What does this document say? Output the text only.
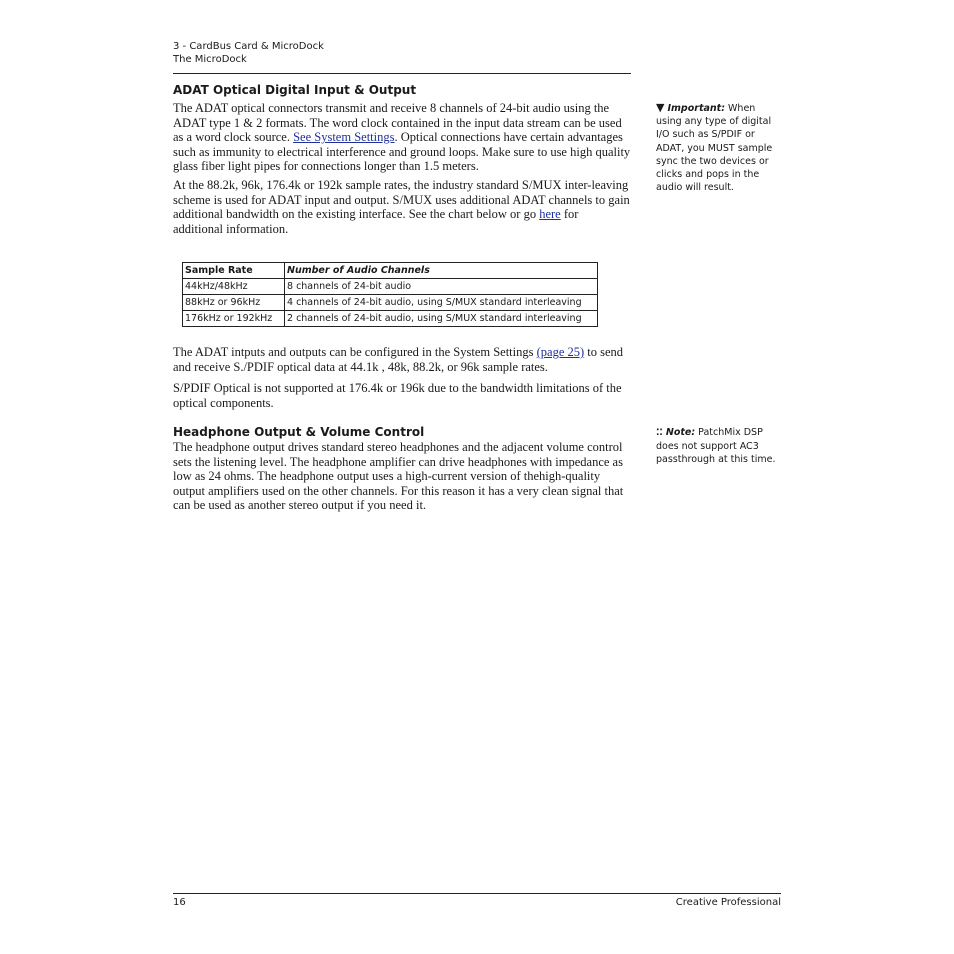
3 - CardBus Card & MicroDock
The MicroDock
ADAT Optical Digital Input & Output

The ADAT optical connectors transmit and receive 8 channels of 24-bit audio using the ADAT type 1 & 2 formats. The word clock contained in the input data stream can be used as a word clock source. See System Settings. Optical connections have certain advantages such as immunity to electrical interference and ground loops. Make sure to use high quality glass fiber light pipes for connections longer than 1.5 meters.

At the 88.2k, 96k, 176.4k or 192k sample rates, the industry standard S/MUX inter-leaving scheme is used for ADAT input and output. S/MUX uses additional ADAT channels to gain additional bandwidth on the existing interface. See the chart below or go here for additional information.

Sample Rate	Number of Audio Channels
44kHz/48kHz	8 channels of 24-bit audio
88kHz or 96kHz	4 channels of 24-bit audio, using S/MUX standard interleaving
176kHz or 192kHz	2 channels of 24-bit audio, using S/MUX standard interleaving

The ADAT intputs and outputs can be configured in the System Settings (page 25) to send and receive S./PDIF optical data at 44.1k , 48k, 88.2k, or 96k sample rates.

S/PDIF Optical is not supported at 176.4k or 196k due to the bandwidth limitations of the optical components.

Headphone Output & Volume Control

The headphone output drives standard stereo headphones and the adjacent volume control sets the listening level. The headphone amplifier can drive headphones with impedance as low as 24 ohms. The headphone output uses a high-current version of thehigh-quality output amplifiers used on the other channels. For this reason it has a very clean signal that can be used as another stereo output if you need it.

▼ Important: When using any type of digital I/O such as S/PDIF or ADAT, you MUST sample sync the two devices or clicks and pops in the audio will result.

⁚⁚ Note: PatchMix DSP does not support AC3 passthrough at this time.

16	Creative Professional
